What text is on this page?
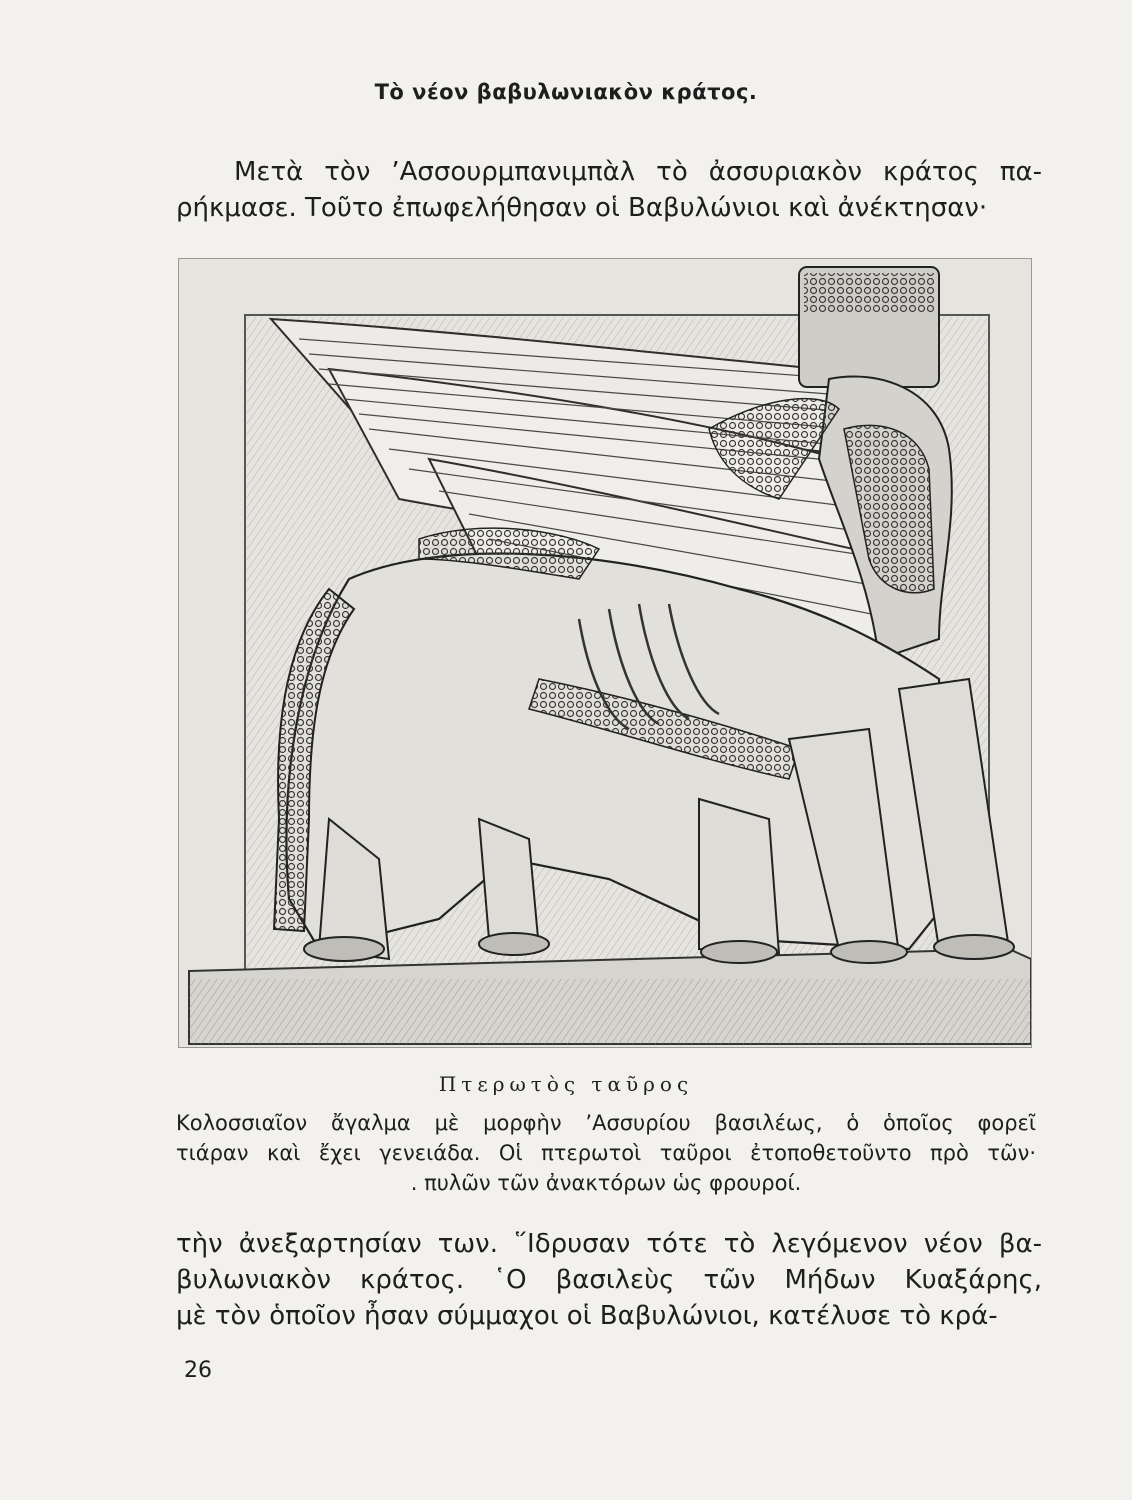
Τὸ νέον βαβυλωνιακὸν κράτος.
Μετὰ τὸν ’Ασσουρμπανιμπὰλ τὸ ἀσσυριακὸν κράτος πα-
ρήκμασε. Τοῦτο ἐπωφελήθησαν οἱ Βαβυλώνιοι καὶ ἀνέκτησαν·
Πτερωτὸς ταῦρος
Κολοσσιαῖον ἄγαλμα μὲ μορφὴν ’Ασσυρίου βασιλέως, ὁ ὁποῖος φορεῖ
τιάραν καὶ ἔχει γενειάδα. Οἱ πτερωτοὶ ταῦροι ἐτοποθετοῦντο πρὸ τῶν·
. πυλῶν τῶν ἀνακτόρων ὡς φρουροί.
τὴν ἀνεξαρτησίαν των. ῞Ιδρυσαν τότε τὸ λεγόμενον νέον βα-
βυλωνιακὸν κράτος. ῾Ο βασιλεὺς τῶν Μήδων Κυαξάρης,
μὲ τὸν ὁποῖον ἦσαν σύμμαχοι οἱ Βαβυλώνιοι, κατέλυσε τὸ κρά-
26
